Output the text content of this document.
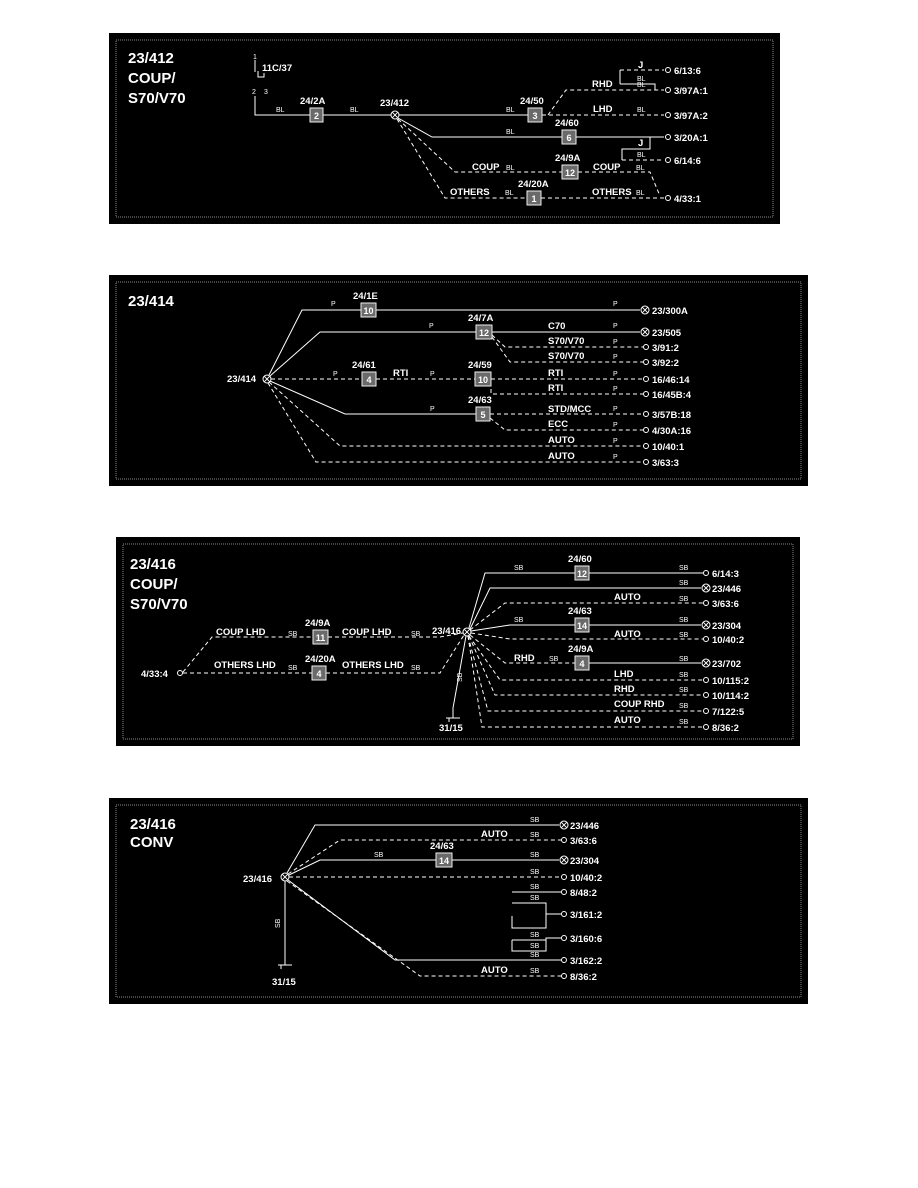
23/412
COUP/
S70/V70
1
2 3
11C/37
BL	BL	BL
BL
BL
BL
BL
BL
BL	BL
BL	BL
RHD
LHD
J
J
COUP	COUP
OTHERS	OTHERS
23/412
2
24/2A
3
24/50
6
24/60
12
24/9A
1
24/20A
6/13:6
3/97A:1
3/97A:2
3/20A:1
6/14:6
4/33:1
23/414	P	P
P	P
P
P
P	P	P
P
P	P
P
P
P
C70
S70/V70
S70/V70
RTI	RTI
RTI
STD/MCC
ECC
AUTO
AUTO
23/414
10
24/1E
12
24/7A
4
24/61
10
24/59
5
24/63
23/300A
23/505
3/91:2
3/92:2
16/46:14
16/45B:4
3/57B:18
4/30A:16
10/40:1
3/63:3
23/416
COUP/
S70/V70
4/33:4
31/15
SB
SB	SB
SB	SB
SB	SB
SB
SB
SB	SB
SB
SB	SB
SB
SB
SB
SB
COUP LHD	COUP LHD
OTHERS LHD	OTHERS LHD
AUTO
AUTO
RHD
LHD
RHD
COUP RHD
AUTO
23/416
11
24/9A
4
24/20A
12
24/60
14
24/63
4
24/9A
6/14:3
23/446
3/63:6
23/304
10/40:2
23/702
10/115:2
10/114:2
7/122:5
8/36:2
23/416
CONV
31/15
SB
SB
SB
SB	SB
SB
SB
SB
SB
SB
SB
SB
AUTO
AUTO
23/416
14
24/63
23/446
3/63:6
23/304
10/40:2
8/48:2
3/161:2
3/160:6
3/162:2
8/36:2
